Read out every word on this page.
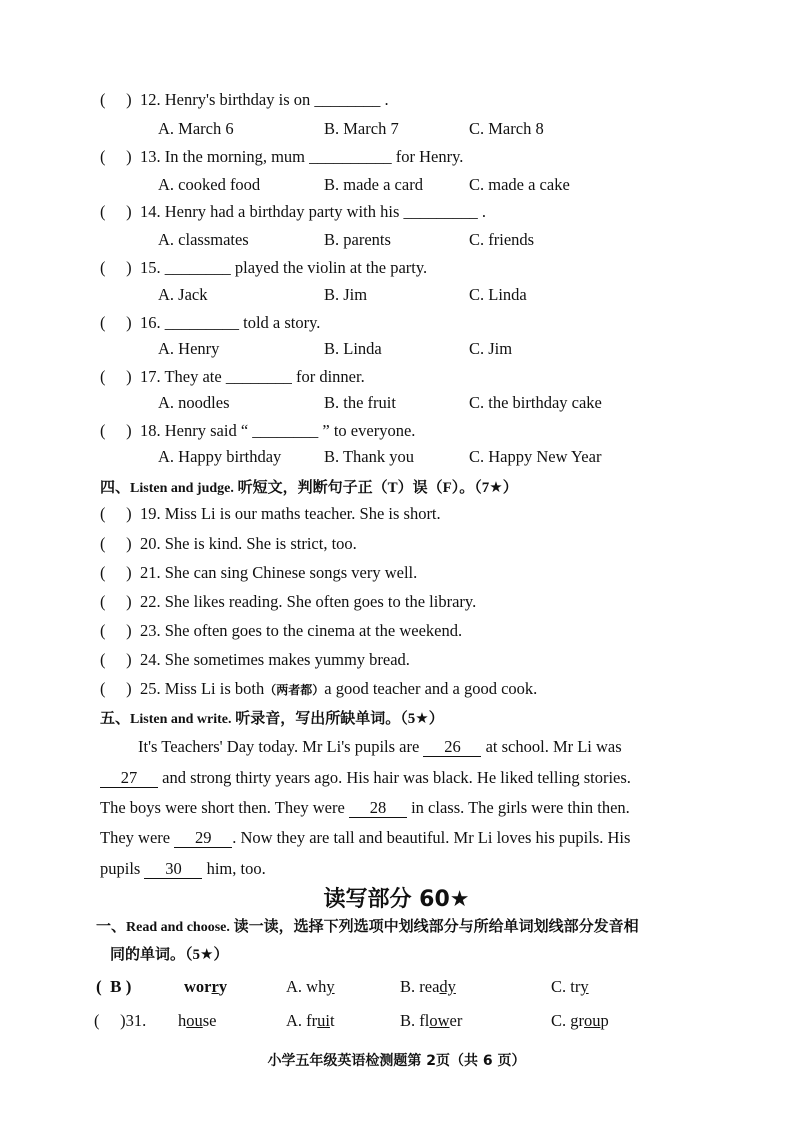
(     ) 12. Henry's birthday is on ________ .
A. March 6	B. March 7	C. March 8
(     ) 13. In the morning, mum __________ for Henry.
A. cooked food	B. made a card	C. made a cake
(     ) 14. Henry had a birthday party with his _________ .
A. classmates	B. parents	C. friends
(     ) 15. ________ played the violin at the party.
A. Jack	B. Jim	C. Linda
(     ) 16. _________ told a story.
A. Henry	B. Linda	C. Jim
(     ) 17. They ate ________ for dinner.
A. noodles	B. the fruit	C. the birthday cake
(     ) 18. Henry said “ ________ ” to everyone.
A. Happy birthday	B. Thank you	C. Happy New Year
(     ) 19. Miss Li is our maths teacher. She is short.
(     ) 20. She is kind. She is strict, too.
(     ) 21. She can sing Chinese songs very well.
(     ) 22. She likes reading. She often goes to the library.
(     ) 23. She often goes to the cinema at the weekend.
(     ) 24. She sometimes makes yummy bread.
(     ) 25. Miss Li is both（两者都）a good teacher and a good cook.
四、Listen and judge. 听短文，判断句子正（T）误（F）。（7★）
五、Listen and write. 听录音，写出所缺单词。（5★）
It's Teachers' Day today. Mr Li's pupils are 26 at school. Mr Li was
27 and strong thirty years ago. His hair was black. He liked telling stories.
The boys were short then. They were 28 in class. The girls were thin then.
They were 29 . Now they are tall and beautiful. Mr Li loves his pupils. His
pupils 30 him, too.
读写部分 60★
一、Read and choose. 读一读，选择下列选项中划线部分与所给单词划线部分发音相
同的单词。（5★）
(  B )	worry	A. why	B. ready	C. try
(     )31. house	A. fruit	B. flower	C. group
小学五年级英语检测题第 2页（共 6 页）
